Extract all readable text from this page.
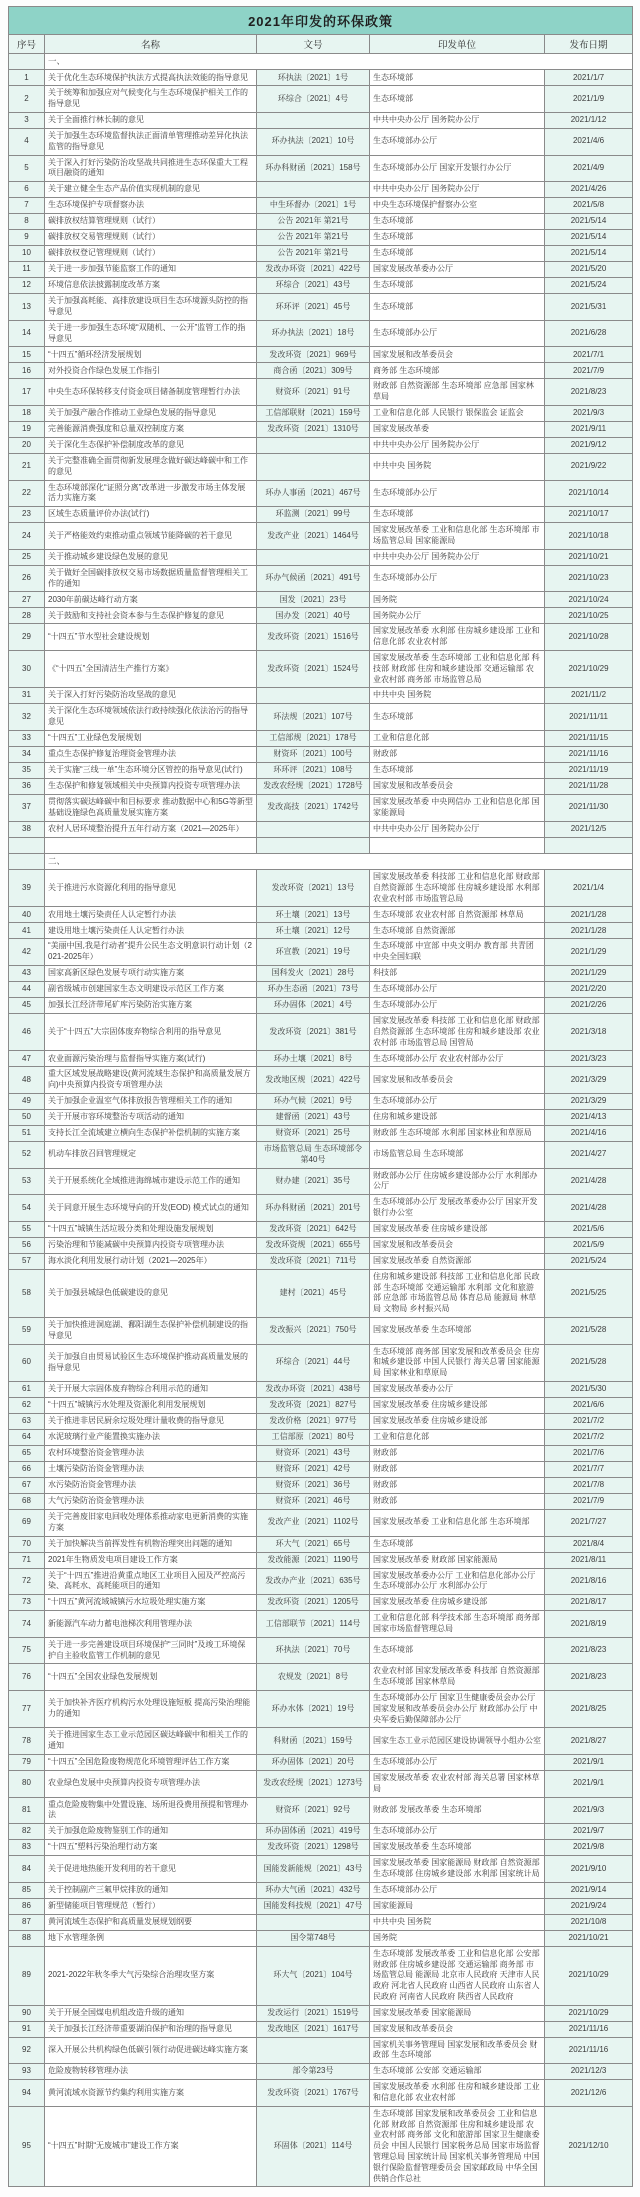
2021年印发的环保政策				
序号	名称	文号	印发单位	发布日期
	一、			
1	关于优化生态环境保护执法方式提高执法效能的指导意见	环执法〔2021〕1号	生态环境部	2021/1/7
2	关于统筹和加强应对气候变化与生态环境保护相关工作的指导意见	环综合〔2021〕4号	生态环境部	2021/1/9
3	关于全面推行林长制的意见		中共中央办公厅 国务院办公厅	2021/1/12
4	关于加强生态环境监督执法正面清单管理推动差异化执法监管的指导意见	环办执法〔2021〕10号	生态环境部办公厅	2021/4/6
5	关于深入打好污染防治攻坚战共同推进生态环保重大工程项目融资的通知	环办科财函〔2021〕158号	生态环境部办公厅 国家开发银行办公厅	2021/4/9
6	关于建立健全生态产品价值实现机制的意见		中共中央办公厅 国务院办公厅	2021/4/26
7	生态环境保护专项督察办法	中生环督办〔2021〕1号	中央生态环境保护督察办公室	2021/5/8
8	碳排放权结算管理规则（试行）	公告 2021年 第21号	生态环境部	2021/5/14
9	碳排放权交易管理规则（试行）	公告 2021年 第21号	生态环境部	2021/5/14
10	碳排放权登记管理规则（试行）	公告 2021年 第21号	生态环境部	2021/5/14
11	关于进一步加强节能监察工作的通知	发改办环资〔2021〕422号	国家发展改革委办公厅	2021/5/20
12	环境信息依法披露制度改革方案	环综合〔2021〕43号	生态环境部	2021/5/24
13	关于加强高耗能、高排放建设项目生态环境源头防控的指导意见	环环评〔2021〕45号	生态环境部	2021/5/31
14	关于进一步加强生态环境“双随机、一公开”监管工作的指导意见	环办执法〔2021〕18号	生态环境部办公厅	2021/6/28
15	“十四五”循环经济发展规划	发改环资〔2021〕969号	国家发展和改革委员会	2021/7/1
16	对外投资合作绿色发展工作指引	商合函〔2021〕309号	商务部 生态环境部	2021/7/9
17	中央生态环保转移支付资金项目储备制度管理暂行办法	财资环〔2021〕91号	财政部 自然资源部 生态环境部 应急部 国家林草局	2021/8/23
18	关于加强产融合作推动工业绿色发展的指导意见	工信部联财〔2021〕159号	工业和信息化部 人民银行 银保监会 证监会	2021/9/3
19	完善能源消费强度和总量双控制度方案	发改环资〔2021〕1310号	国家发展改革委	2021/9/11
20	关于深化生态保护补偿制度改革的意见		中共中央办公厅 国务院办公厅	2021/9/12
21	关于完整准确全面贯彻新发展理念做好碳达峰碳中和工作的意见		中共中央 国务院	2021/9/22
22	生态环境部深化“证照分离”改革进一步激发市场主体发展活力实施方案	环办人事函〔2021〕467号	生态环境部办公厅	2021/10/14
23	区域生态质量评价办法(试行)	环监测〔2021〕99号	生态环境部	2021/10/17
24	关于严格能效约束推动重点领域节能降碳的若干意见	发改产业〔2021〕1464号	国家发展改革委 工业和信息化部 生态环境部 市场监管总局 国家能源局	2021/10/18
25	关于推动城乡建设绿色发展的意见		中共中央办公厅 国务院办公厅	2021/10/21
26	关于做好全国碳排放权交易市场数据质量监督管理相关工作的通知	环办气候函〔2021〕491号	生态环境部办公厅	2021/10/23
27	2030年前碳达峰行动方案	国发〔2021〕23号	国务院	2021/10/24
28	关于鼓励和支持社会资本参与生态保护修复的意见	国办发〔2021〕40号	国务院办公厅	2021/10/25
29	“十四五”节水型社会建设规划	发改环资〔2021〕1516号	国家发展改革委 水利部 住房城乡建设部 工业和信息化部 农业农村部	2021/10/28
30	《“十四五”全国清洁生产推行方案》	发改环资〔2021〕1524号	国家发展改革委 生态环境部 工业和信息化部 科技部 财政部 住房和城乡建设部 交通运输部 农业农村部 商务部 市场监管总局	2021/10/29
31	关于深入打好污染防治攻坚战的意见		中共中央 国务院	2021/11/2
32	关于深化生态环境领域依法行政持续强化依法治污的指导意见	环法规〔2021〕107号	生态环境部	2021/11/11
33	“十四五”工业绿色发展规划	工信部规〔2021〕178号	工业和信息化部	2021/11/15
34	重点生态保护修复治理资金管理办法	财资环〔2021〕100号	财政部	2021/11/16
35	关于实施“三线一单”生态环境分区管控的指导意见(试行)	环环评〔2021〕108号	生态环境部	2021/11/19
36	生态保护和修复领域相关中央预算内投资专项管理办法	发改农经规〔2021〕1728号	国家发展和改革委员会	2021/11/28
37	贯彻落实碳达峰碳中和目标要求 推动数据中心和5G等新型基础设施绿色高质量发展实施方案	发改高技〔2021〕1742号	国家发展改革委 中央网信办 工业和信息化部 国家能源局	2021/11/30
38	农村人居环境整治提升五年行动方案（2021—2025年）		中共中央办公厅 国务院办公厅	2021/12/5

	二、			
39	关于推进污水资源化利用的指导意见	发改环资〔2021〕13号	国家发展改革委 科技部 工业和信息化部 财政部 自然资源部 生态环境部 住房城乡建设部 水利部 农业农村部 市场监管总局	2021/1/4
40	农用地土壤污染责任人认定暂行办法	环土壤〔2021〕13号	生态环境部 农业农村部 自然资源部 林草局	2021/1/28
41	建设用地土壤污染责任人认定暂行办法	环土壤〔2021〕12号	生态环境部 自然资源部	2021/1/28
42	“美丽中国,我是行动者”提升公民生态文明意识行动计划（2021-2025年）	环宣教〔2021〕19号	生态环境部 中宣部 中央文明办 教育部 共青团 中央全国妇联	2021/1/29
43	国家高新区绿色发展专项行动实施方案	国科发火〔2021〕28号	科技部	2021/1/29
44	副省级城市创建国家生态文明建设示范区工作方案	环办生态函〔2021〕73号	生态环境部办公厅	2021/2/20
45	加强长江经济带尾矿库污染防治实施方案	环办固体〔2021〕4号	生态环境部办公厅	2021/2/26
46	关于“十四五”大宗固体废弃物综合利用的指导意见	发改环资〔2021〕381号	国家发展改革委 科技部 工业和信息化部 财政部 自然资源部 生态环境部 住房和城乡建设部 农业农村部 市场监管总局 国管局	2021/3/18
47	农业面源污染治理与监督指导实施方案(试行)	环办土壤〔2021〕8号	生态环境部办公厅 农业农村部办公厅	2021/3/23
48	重大区域发展战略建设(黄河流域生态保护和高质量发展方向)中央预算内投资专项管理办法	发改地区规〔2021〕422号	国家发展和改革委员会	2021/3/29
49	关于加强企业温室气体排放报告管理相关工作的通知	环办气候〔2021〕9号	生态环境部办公厅	2021/3/29
50	关于开展市容环境整治专项活动的通知	建督函〔2021〕43号	住房和城乡建设部	2021/4/13
51	支持长江全流域建立横向生态保护补偿机制的实施方案	财资环〔2021〕25号	财政部 生态环境部 水利部 国家林业和草原局	2021/4/16
52	机动车排放召回管理规定	市场监管总局 生态环境部令第40号	市场监管总局 生态环境部	2021/4/27
53	关于开展系统化全域推进海绵城市建设示范工作的通知	财办建〔2021〕35号	财政部办公厅 住房城乡建设部办公厅 水利部办公厅	2021/4/28
54	关于同意开展生态环境导向的开发(EOD) 模式试点的通知	环办科财函〔2021〕201号	生态环境部办公厅 发展改革委办公厅 国家开发银行办公室	2021/4/28
55	“十四五”城镇生活垃圾分类和处理设施发展规划	发改环资〔2021〕642号	国家发展改革委 住房城乡建设部	2021/5/6
56	污染治理和节能减碳中央预算内投资专项管理办法	发改环资规〔2021〕655号	国家发展和改革委员会	2021/5/9
57	海水淡化利用发展行动计划（2021—2025年）	发改环资〔2021〕711号	国家发展改革委 自然资源部	2021/5/24
58	关于加强县城绿色低碳建设的意见	建村〔2021〕45号	住房和城乡建设部 科技部 工业和信息化部 民政部 生态环境部 交通运输部 水利部 文化和旅游部 应急部 市场监管总局 体育总局 能源局 林草局 文物局 乡村振兴局	2021/5/25
59	关于加快推进洞庭湖、鄱阳湖生态保护补偿机制建设的指导意见	发改振兴〔2021〕750号	国家发展改革委 生态环境部	2021/5/28
60	关于加强自由贸易试验区生态环境保护推动高质量发展的指导意见	环综合〔2021〕44号	生态环境部 商务部 国家发展和改革委员会 住房和城乡建设部 中国人民银行 海关总署 国家能源局 国家林业和草原局	2021/5/28
61	关于开展大宗固体废弃物综合利用示范的通知	发改办环资〔2021〕438号	国家发展改革委办公厅	2021/5/30
62	“十四五”城镇污水处理及资源化利用发展规划	发改环资〔2021〕827号	国家发展改革委 住房城乡建设部	2021/6/6
63	关于推进非居民厨余垃圾处理计量收费的指导意见	发改价格〔2021〕977号	国家发展改革委 住房城乡建设部	2021/7/2
64	水泥玻璃行业产能置换实施办法	工信部原〔2021〕80号	工业和信息化部	2021/7/2
65	农村环境整治资金管理办法	财资环〔2021〕43号	财政部	2021/7/6
66	土壤污染防治资金管理办法	财资环〔2021〕42号	财政部	2021/7/7
67	水污染防治资金管理办法	财资环〔2021〕36号	财政部	2021/7/8
68	大气污染防治资金管理办法	财资环〔2021〕46号	财政部	2021/7/9
69	关于完善废旧家电回收处理体系推动家电更新消费的实施方案	发改产业〔2021〕1102号	国家发展改革委 工业和信息化部 生态环境部	2021/7/27
70	关于加快解决当前挥发性有机物治理突出问题的通知	环大气〔2021〕65号	生态环境部	2021/8/4
71	2021年生物质发电项目建设工作方案	发改能源〔2021〕1190号	国家发展改革委 财政部 国家能源局	2021/8/11
72	关于“十四五”推进沿黄重点地区工业项目入园及严控高污染、高耗水、高耗能项目的通知	发改办产业〔2021〕635号	国家发展改革委办公厅 工业和信息化部办公厅 生态环境部办公厅 水利部办公厅	2021/8/16
73	“十四五”黄河流域城镇污水垃圾处理实施方案	发改环资〔2021〕1205号	国家发展改革委 住房城乡建设部	2021/8/17
74	新能源汽车动力蓄电池梯次利用管理办法	工信部联节〔2021〕114号	工业和信息化部 科学技术部 生态环境部 商务部 国家市场监督管理总局	2021/8/19
75	关于进一步完善建设项目环境保护“三同时”及竣工环境保护自主验收监管工作机制的意见	环执法〔2021〕70号	生态环境部	2021/8/23
76	“十四五”全国农业绿色发展规划	农规发〔2021〕8号	农业农村部 国家发展改革委 科技部 自然资源部 生态环境部 国家林草局	2021/8/23
77	关于加快补齐医疗机构污水处理设施短板 提高污染治理能力的通知	环办水体〔2021〕19号	生态环境部办公厅 国家卫生健康委员会办公厅 国家发展和改革委员会办公厅 财政部办公厅 中央军委后勤保障部办公厅	2021/8/25
78	关于推进国家生态工业示范园区碳达峰碳中和相关工作的通知	科财函〔2021〕159号	国家生态工业示范园区建设协调领导小组办公室	2021/8/27
79	“十四五”全国危险废物规范化环境管理评估工作方案	环办固体〔2021〕20号	生态环境部办公厅	2021/9/1
80	农业绿色发展中央预算内投资专项管理办法	发改农经规〔2021〕1273号	国家发展改革委 农业农村部 海关总署 国家林草局	2021/9/1
81	重点危险废物集中处置设施、场所退役费用预提和管理办法	财资环〔2021〕92号	财政部 发展改革委 生态环境部	2021/9/3
82	关于加强危险废物鉴别工作的通知	环办固体函〔2021〕419号	生态环境部办公厅	2021/9/7
83	“十四五”塑料污染治理行动方案	发改环资〔2021〕1298号	国家发展改革委 生态环境部	2021/9/8
84	关于促进地热能开发利用的若干意见	国能发新能规〔2021〕43号	国家发展改革委 国家能源局 财政部 自然资源部 生态环境部 住房城乡建设部 水利部 国家统计局	2021/9/10
85	关于控制副产三氟甲烷排放的通知	环办大气函〔2021〕432号	生态环境部办公厅	2021/9/14
86	新型储能项目管理规范（暂行）	国能发科技规〔2021〕47号	国家能源局	2021/9/24
87	黄河流域生态保护和高质量发展规划纲要		中共中央 国务院	2021/10/8
88	地下水管理条例	国令第748号	国务院	2021/10/21
89	2021-2022年秋冬季大气污染综合治理攻坚方案	环大气〔2021〕104号	生态环境部 发展改革委 工业和信息化部 公安部 财政部 住房城乡建设部 交通运输部 商务部 市场监管总局 能源局 北京市人民政府 天津市人民政府 河北省人民政府 山西省人民政府 山东省人民政府 河南省人民政府 陕西省人民政府	2021/10/29
90	关于开展全国煤电机组改造升级的通知	发改运行〔2021〕1519号	国家发展改革委 国家能源局	2021/10/29
91	关于加强长江经济带重要湖泊保护和治理的指导意见	发改地区〔2021〕1617号	国家发展和改革委员会	2021/11/16
92	深入开展公共机构绿色低碳引领行动促进碳达峰实施方案		国家机关事务管理局 国家发展和改革委员会 财政部 生态环境部	2021/11/16
93	危险废物转移管理办法	部令第23号	生态环境部 公安部 交通运输部	2021/12/3
94	黄河流域水资源节约集约利用实施方案	发改环资〔2021〕1767号	国家发展改革委 水利部 住房和城乡建设部 工业和信息化部 农业农村部	2021/12/6
95	“十四五”时期“无废城市”建设工作方案	环固体〔2021〕114号	生态环境部 国家发展和改革委员会 工业和信息化部 财政部 自然资源部 住房和城乡建设部 农业农村部 商务部 文化和旅游部 国家卫生健康委员会 中国人民银行 国家税务总局 国家市场监督管理总局 国家统计局 国家机关事务管理局 中国银行保险监督管理委员会 国家邮政局 中华全国供销合作总社	2021/12/10
